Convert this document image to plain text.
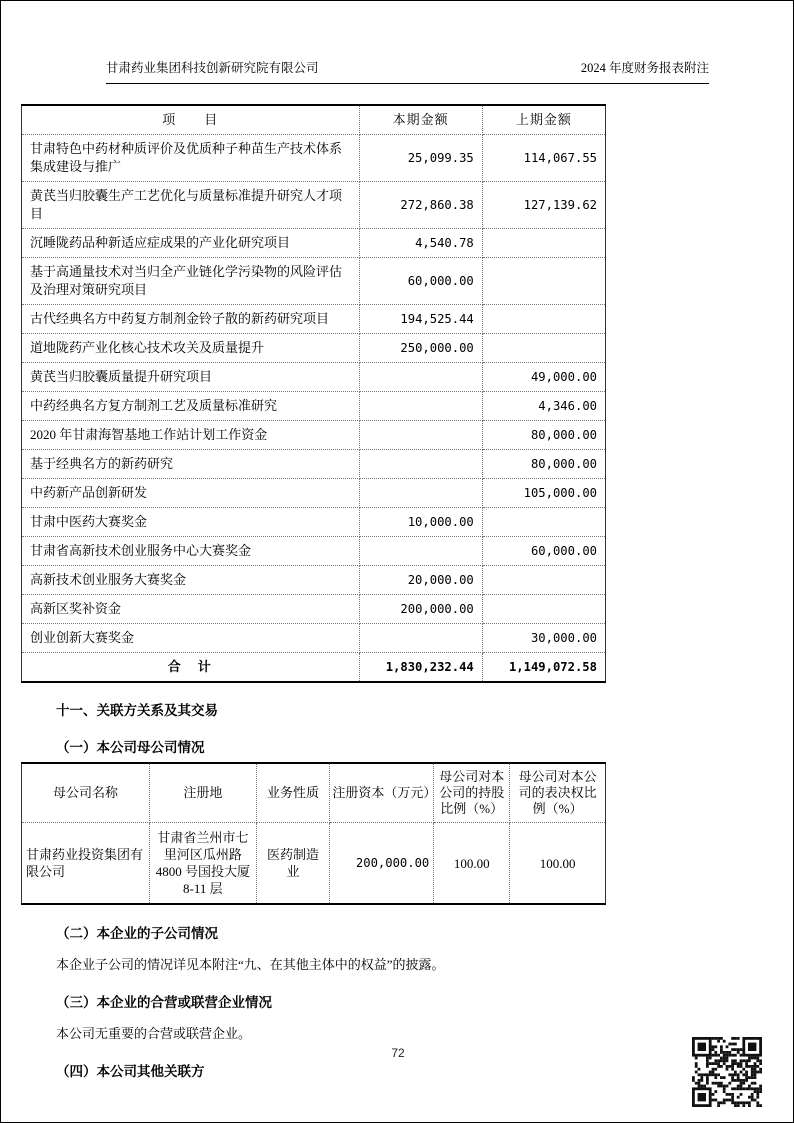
甘肃药业集团科技创新研究院有限公司	2024 年度财务报表附注
项　　目	本期金额	上期金额
甘肃特色中药材种质评价及优质种子种苗生产技术体系集成建设与推广	25,099.35	114,067.55
黄芪当归胶囊生产工艺优化与质量标准提升研究人才项目	272,860.38	127,139.62
沉睡陇药品种新适应症成果的产业化研究项目	4,540.78	
基于高通量技术对当归全产业链化学污染物的风险评估及治理对策研究项目	60,000.00	
古代经典名方中药复方制剂金铃子散的新药研究项目	194,525.44	
道地陇药产业化核心技术攻关及质量提升	250,000.00	
黄芪当归胶囊质量提升研究项目		49,000.00
中药经典名方复方制剂工艺及质量标准研究		4,346.00
2020 年甘肃海智基地工作站计划工作资金		80,000.00
基于经典名方的新药研究		80,000.00
中药新产品创新研发		105,000.00
甘肃中医药大赛奖金	10,000.00	
甘肃省高新技术创业服务中心大赛奖金		60,000.00
高新技术创业服务大赛奖金	20,000.00	
高新区奖补资金	200,000.00	
创业创新大赛奖金		30,000.00
合　计	1,830,232.44	1,149,072.58
十一、关联方关系及其交易
（一）本公司母公司情况
母公司名称	注册地	业务性质	注册资本（万元）	母公司对本公司的持股比例（%）	母公司对本公司的表决权比例（%）
甘肃药业投资集团有限公司	甘肃省兰州市七里河区瓜州路4800 号国投大厦8-11 层	医药制造业	200,000.00	100.00	100.00
（二）本企业的子公司情况

本企业子公司的情况详见本附注“九、在其他主体中的权益”的披露。

（三）本企业的合营或联营企业情况

本公司无重要的合营或联营企业。

（四）本公司其他关联方
72
